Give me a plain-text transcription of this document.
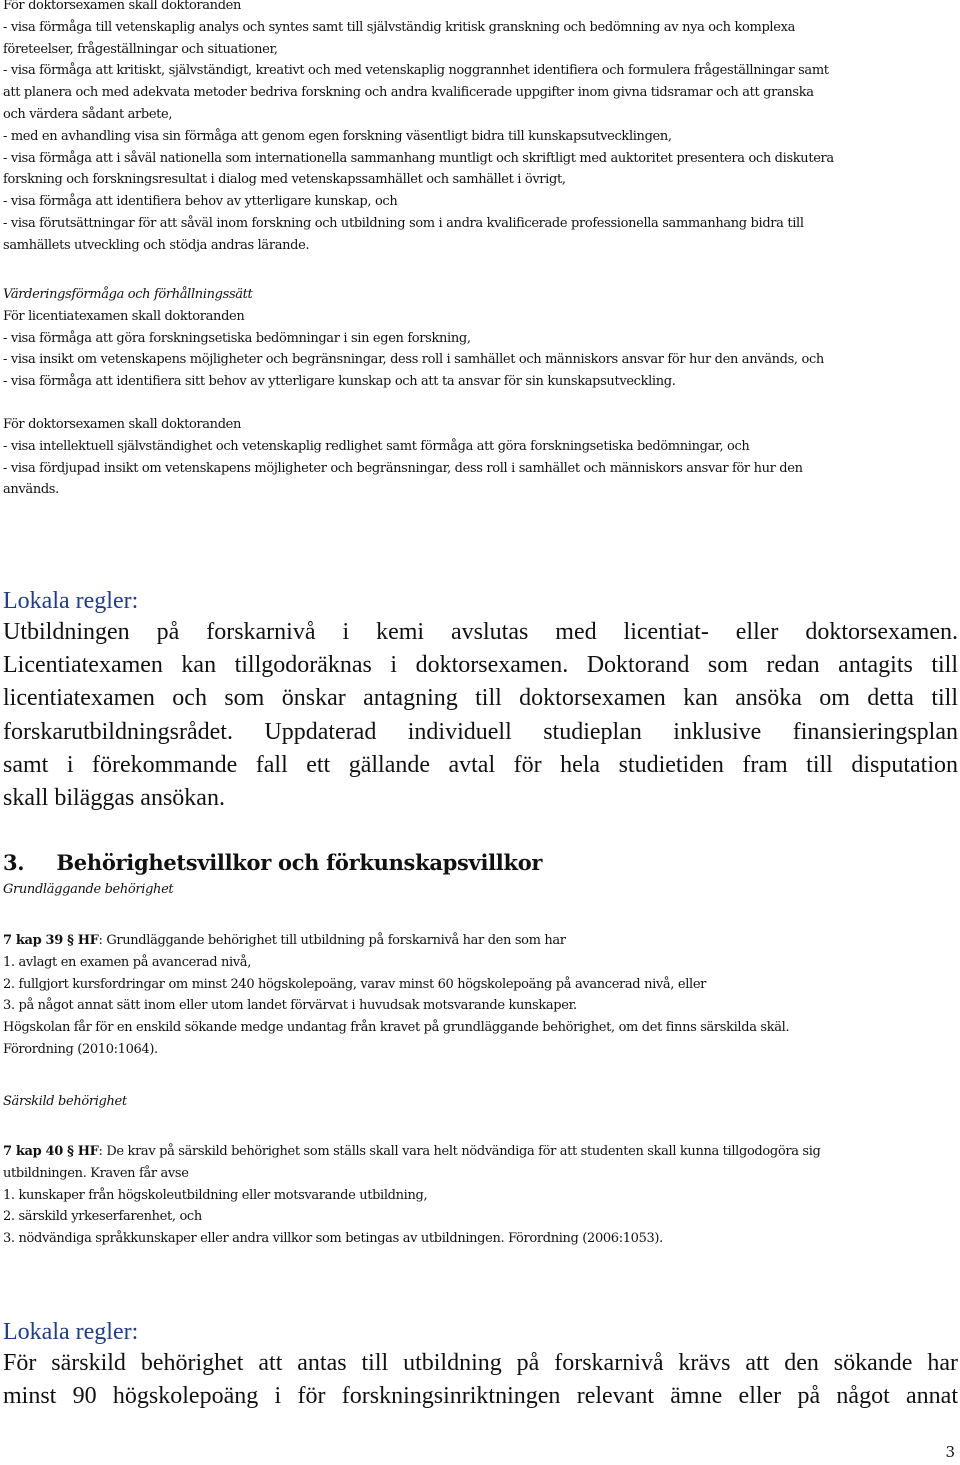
För doktorsexamen skall doktoranden
- visa förmåga till vetenskaplig analys och syntes samt till självständig kritisk granskning och bedömning av nya och komplexa
företeelser, frågeställningar och situationer,
- visa förmåga att kritiskt, självständigt, kreativt och med vetenskaplig noggrannhet identifiera och formulera frågeställningar samt
att planera och med adekvata metoder bedriva forskning och andra kvalificerade uppgifter inom givna tidsramar och att granska
och värdera sådant arbete,
- med en avhandling visa sin förmåga att genom egen forskning väsentligt bidra till kunskapsutvecklingen,
- visa förmåga att i såväl nationella som internationella sammanhang muntligt och skriftligt med auktoritet presentera och diskutera
forskning och forskningsresultat i dialog med vetenskapssamhället och samhället i övrigt,
- visa förmåga att identifiera behov av ytterligare kunskap, och
- visa förutsättningar för att såväl inom forskning och utbildning som i andra kvalificerade professionella sammanhang bidra till
samhällets utveckling och stödja andras lärande.
Värderingsförmåga och förhållningssätt
För licentiatexamen skall doktoranden
- visa förmåga att göra forskningsetiska bedömningar i sin egen forskning,
- visa insikt om vetenskapens möjligheter och begränsningar, dess roll i samhället och människors ansvar för hur den används, och
- visa förmåga att identifiera sitt behov av ytterligare kunskap och att ta ansvar för sin kunskapsutveckling.
För doktorsexamen skall doktoranden
- visa intellektuell självständighet och vetenskaplig redlighet samt förmåga att göra forskningsetiska bedömningar, och
- visa fördjupad insikt om vetenskapens möjligheter och begränsningar, dess roll i samhället och människors ansvar för hur den
används.
Lokala regler:
Utbildningen på forskarnivå i kemi avslutas med licentiat- eller doktorsexamen.
Licentiatexamen kan tillgodoräknas i doktorsexamen. Doktorand som redan antagits till
licentiatexamen och som önskar antagning till doktorsexamen kan ansöka om detta till
forskarutbildningsrådet. Uppdaterad individuell studieplan inklusive finansieringsplan
samt i förekommande fall ett gällande avtal för hela studietiden fram till disputation
skall biläggas ansökan.
3. Behörighetsvillkor och förkunskapsvillkor
Grundläggande behörighet
7 kap 39 § HF: Grundläggande behörighet till utbildning på forskarnivå har den som har
1. avlagt en examen på avancerad nivå,
2. fullgjort kursfordringar om minst 240 högskolepoäng, varav minst 60 högskolepoäng på avancerad nivå, eller
3. på något annat sätt inom eller utom landet förvärvat i huvudsak motsvarande kunskaper.
Högskolan får för en enskild sökande medge undantag från kravet på grundläggande behörighet, om det finns särskilda skäl.
Förordning (2010:1064).
Särskild behörighet
7 kap 40 § HF: De krav på särskild behörighet som ställs skall vara helt nödvändiga för att studenten skall kunna tillgodogöra sig
utbildningen. Kraven får avse
1. kunskaper från högskoleutbildning eller motsvarande utbildning,
2. särskild yrkeserfarenhet, och
3. nödvändiga språkkunskaper eller andra villkor som betingas av utbildningen. Förordning (2006:1053).
Lokala regler:
För särskild behörighet att antas till utbildning på forskarnivå krävs att den sökande har
minst 90 högskolepoäng i för forskningsinriktningen relevant ämne eller på något annat
3
